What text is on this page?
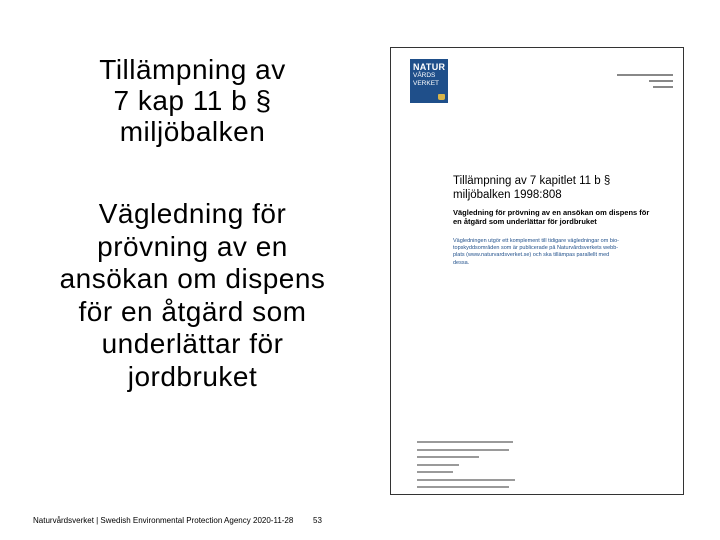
Tillämpning av
7 kap 11 b §
miljöbalken
Vägledning för
prövning av en
ansökan om dispens
för en åtgärd som
underlättar för
jordbruket
NATUR
VÅRDS
VERKET
Tillämpning av 7 kapitlet 11 b §
miljöbalken 1998:808
Vägledning för prövning av en ansökan om dispens för
en åtgärd som underlättar för jordbruket
Vägledningen utgör ett komplement till tidigare vägledningar om bio-
topskyddsområden som är publicerade på Naturvårdsverkets webb-
plats (www.naturvardsverket.se) och ska tillämpas parallellt med
dessa.
Naturvårdsverket | Swedish Environmental Protection Agency 2020-11-28 53
